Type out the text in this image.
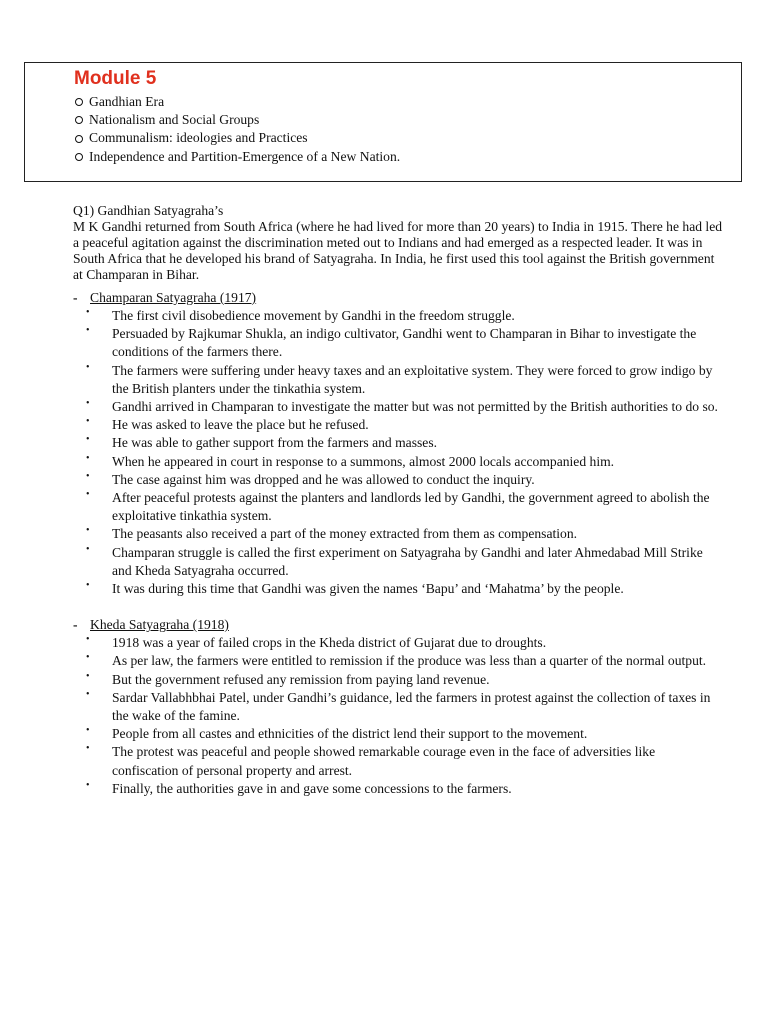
Module 5
Gandhian Era
Nationalism and Social Groups
Communalism: ideologies and Practices
Independence and Partition-Emergence of a New Nation.

Q1) Gandhian Satyagraha’s

M K Gandhi returned from South Africa (where he had lived for more than 20 years) to India in 1915. There he had led a peaceful agitation against the discrimination meted out to Indians and had emerged as a respected leader. It was in South Africa that he developed his brand of Satyagraha. In India, he first used this tool against the British government at Champaran in Bihar.

- Champaran Satyagraha (1917)
• The first civil disobedience movement by Gandhi in the freedom struggle.
• Persuaded by Rajkumar Shukla, an indigo cultivator, Gandhi went to Champaran in Bihar to investigate the conditions of the farmers there.
• The farmers were suffering under heavy taxes and an exploitative system. They were forced to grow indigo by the British planters under the tinkathia system.
• Gandhi arrived in Champaran to investigate the matter but was not permitted by the British authorities to do so.
• He was asked to leave the place but he refused.
• He was able to gather support from the farmers and masses.
• When he appeared in court in response to a summons, almost 2000 locals accompanied him.
• The case against him was dropped and he was allowed to conduct the inquiry.
• After peaceful protests against the planters and landlords led by Gandhi, the government agreed to abolish the exploitative tinkathia system.
• The peasants also received a part of the money extracted from them as compensation.
• Champaran struggle is called the first experiment on Satyagraha by Gandhi and later Ahmedabad Mill Strike and Kheda Satyagraha occurred.
• It was during this time that Gandhi was given the names ‘Bapu’ and ‘Mahatma’ by the people.
- Kheda Satyagraha (1918)
• 1918 was a year of failed crops in the Kheda district of Gujarat due to droughts.
• As per law, the farmers were entitled to remission if the produce was less than a quarter of the normal output.
• But the government refused any remission from paying land revenue.
• Sardar Vallabhbhai Patel, under Gandhi’s guidance, led the farmers in protest against the collection of taxes in the wake of the famine.
• People from all castes and ethnicities of the district lend their support to the movement.
• The protest was peaceful and people showed remarkable courage even in the face of adversities like confiscation of personal property and arrest.
• Finally, the authorities gave in and gave some concessions to the farmers.
